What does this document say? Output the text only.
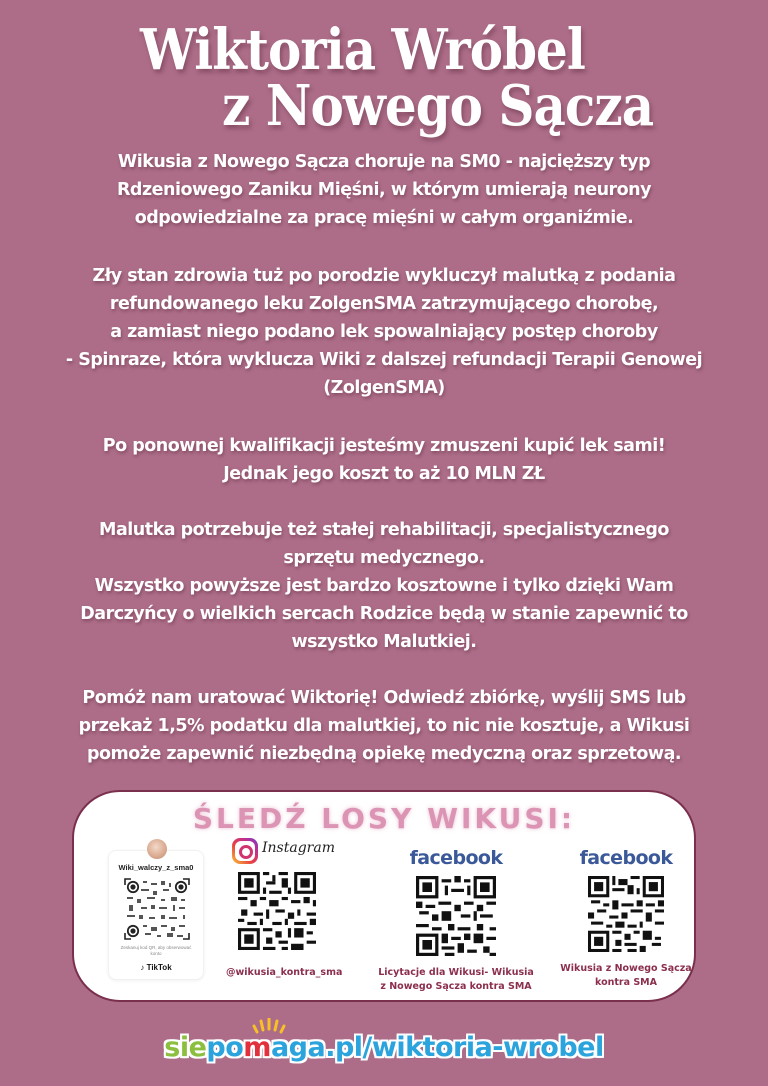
Wiktoria Wróbel
z Nowego Sącza
Wikusia z Nowego Sącza choruje na SM0 - najcięższy typ
Rdzeniowego Zaniku Mięśni, w którym umierają neurony
odpowiedzialne za pracę mięśni w całym organiźmie.
Zły stan zdrowia tuż po porodzie wykluczył malutką z podania
refundowanego leku ZolgenSMA zatrzymującego chorobę,
a zamiast niego podano lek spowalniający postęp choroby
- Spinraze, która wyklucza Wiki z dalszej refundacji Terapii Genowej
(ZolgenSMA)
Po ponownej kwalifikacji jesteśmy zmuszeni kupić lek sami!
Jednak jego koszt to aż 10 MLN ZŁ
Malutka potrzebuje też stałej rehabilitacji, specjalistycznego
sprzętu medycznego.
Wszystko powyższe jest bardzo kosztowne i tylko dzięki Wam
Darczyńcy o wielkich sercach Rodzice będą w stanie zapewnić to
wszystko Malutkiej.
Pomóż nam uratować Wiktorię! Odwiedź zbiórkę, wyślij SMS lub
przekaż 1,5% podatku dla malutkiej, to nic nie kosztuje, a Wikusi
pomoże zapewnić niezbędną opiekę medyczną oraz sprzetową.
ŚLEDŹ LOSY WIKUSI:
Wiki_walczy_z_sma0
Zeskanuj kod QR, aby obserwować konto
♪ TikTok
Instagram
@wikusia_kontra_sma
facebook
Licytacje dla Wikusi- Wikusia
z Nowego Sącza kontra SMA
facebook
Wikusia z Nowego Sącza
kontra SMA
siepomaga.pl/wiktoria-wrobel
